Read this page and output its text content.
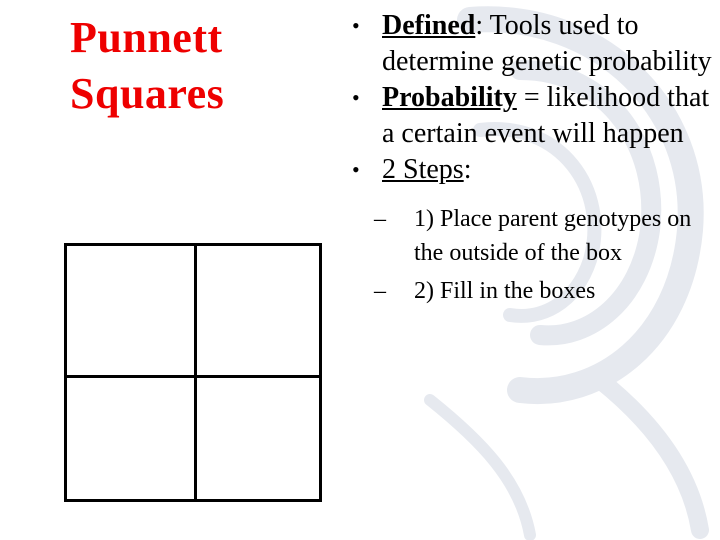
Punnett
Squares
• Defined: Tools used to determine genetic probability
• Probability = likelihood that a certain event will happen
• 2 Steps:
– 1) Place parent genotypes on the outside of the box
– 2) Fill in the boxes
